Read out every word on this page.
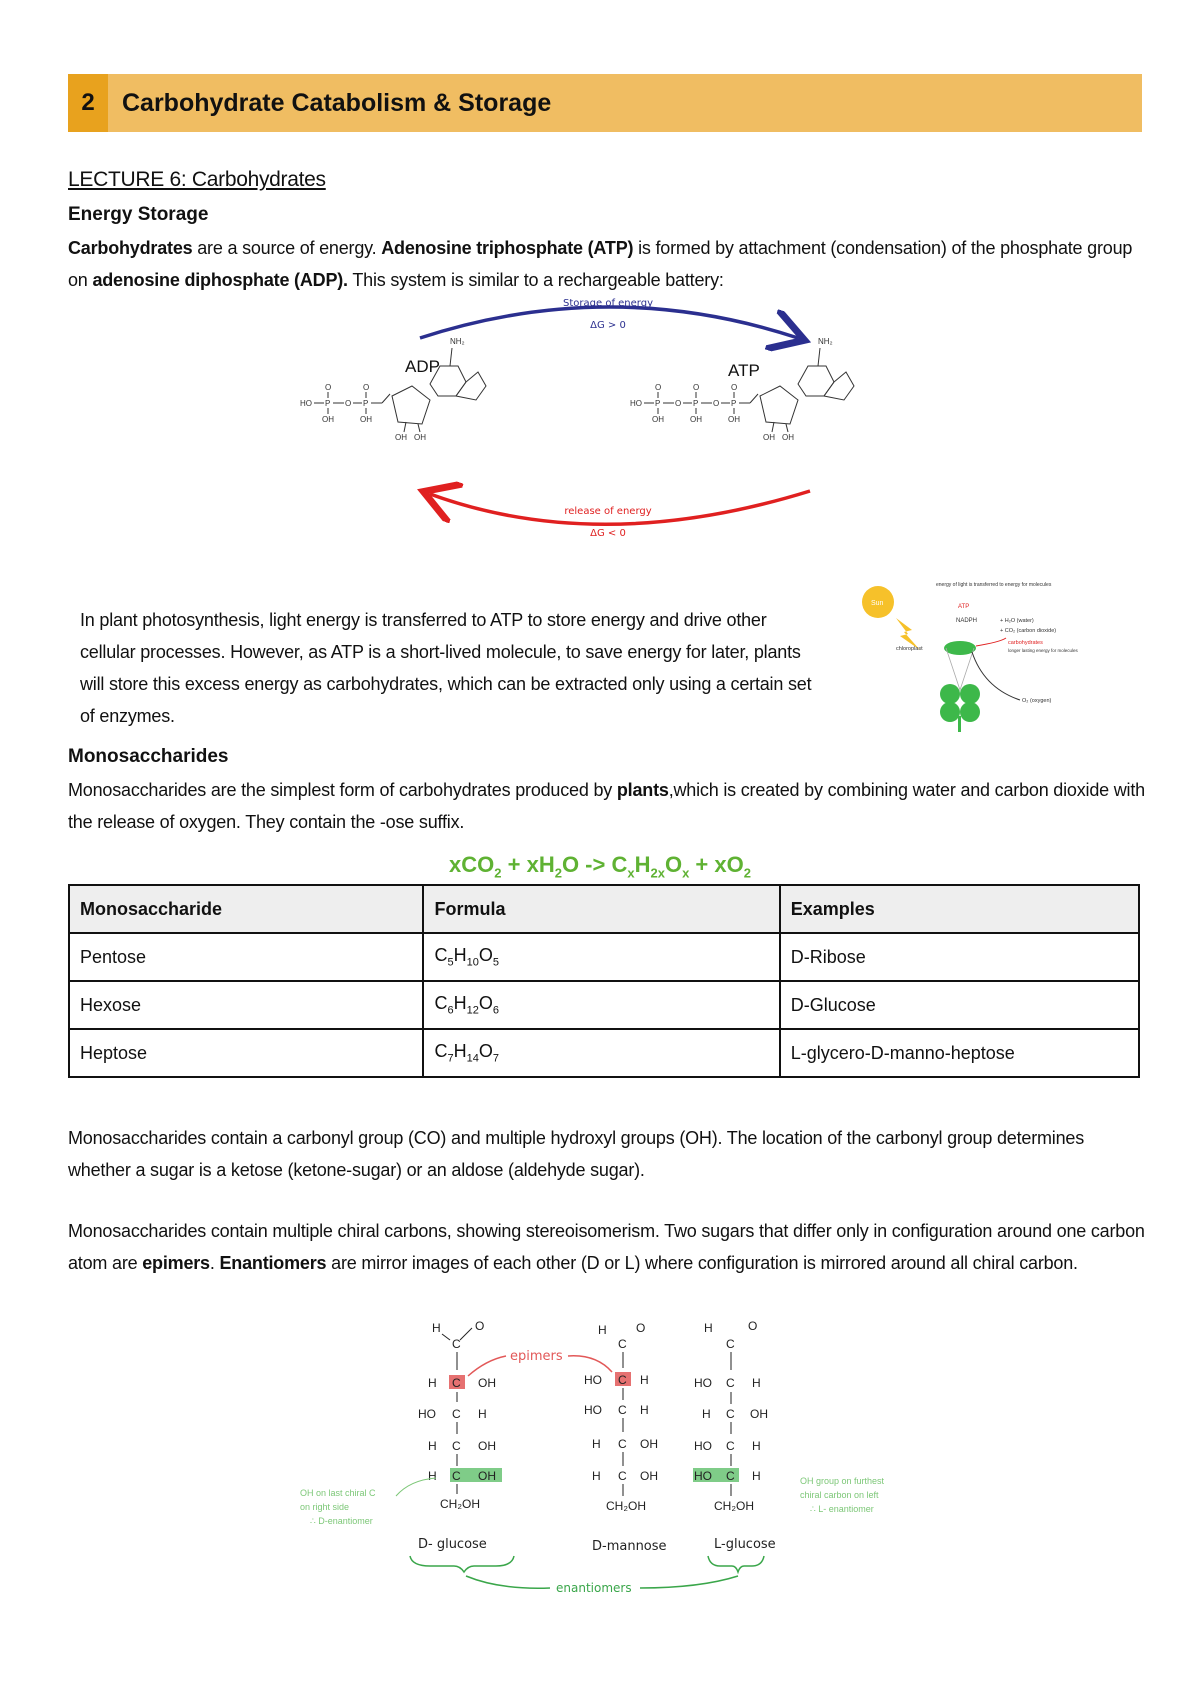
2	Carbohydrate Catabolism & Storage
LECTURE 6: Carbohydrates
Energy Storage
Carbohydrates are a source of energy. Adenosine triphosphate (ATP) is formed by attachment (condensation) of the phosphate group on adenosine diphosphate (ADP). This system is similar to a rechargeable battery:
Storage of energy
ΔG > 0
release of energy
ΔG < 0
ADP
HO P
O
OH
O P
O
OH
OH OH
NH₂
ATP
HO P
O
OH
O P
O
OH
O P
O
OH
OH OH
NH₂
In plant photosynthesis, light energy is transferred to ATP to store energy and drive other cellular processes. However, as ATP is a short-lived molecule, to save energy for later, plants will store this excess energy as carbohydrates, which can be extracted only using a certain set of enzymes.
Sun
energy of light is transferred to energy for molecules
ATP
NADPH	+ H₂O (water)
+ CO₂ (carbon dioxide)
carbohydrates
longer lasting energy for molecules
chloroplast
O₂ (oxygen)
Monosaccharides
Monosaccharides are the simplest form of carbohydrates produced by plants,which is created by combining water and carbon dioxide with the release of oxygen. They contain the -ose suffix.
$xCO_2 + xH_2O -> C_xH_{2x}O_x + xO_2$
Monosaccharide	Formula	Examples
Pentose	$C_5H_{10}O_5$	D-Ribose
Hexose	$C_6H_{12}O_6$	D-Glucose
Heptose	$C_7H_{14}O_7$	L-glycero-D-manno-heptose
Monosaccharides contain a carbonyl group (CO) and multiple hydroxyl groups (OH). The location of the carbonyl group determines whether a sugar is a ketose (ketone-sugar) or an aldose (aldehyde sugar).
Monosaccharides contain multiple chiral carbons, showing stereoisomerism. Two sugars that differ only in configuration around one carbon atom are epimers. Enantiomers are mirror images of each other (D or L) where configuration is mirrored around all chiral carbon.
H
C
O
H C OH
HO C H
H C OH
H C OH
CH₂OH
H
C
O
HO C H
HO C H
H C OH
H C OH
CH₂OH
H
C
O
HO C H
H C OH
HO C H
HO C H
CH₂OH
epimers
D- glucose	D-mannose	L-glucose
enantiomers
OH on last chiral C
on right side
∴ D-enantiomer
OH group on furthest
chiral carbon on left
∴ L- enantiomer
